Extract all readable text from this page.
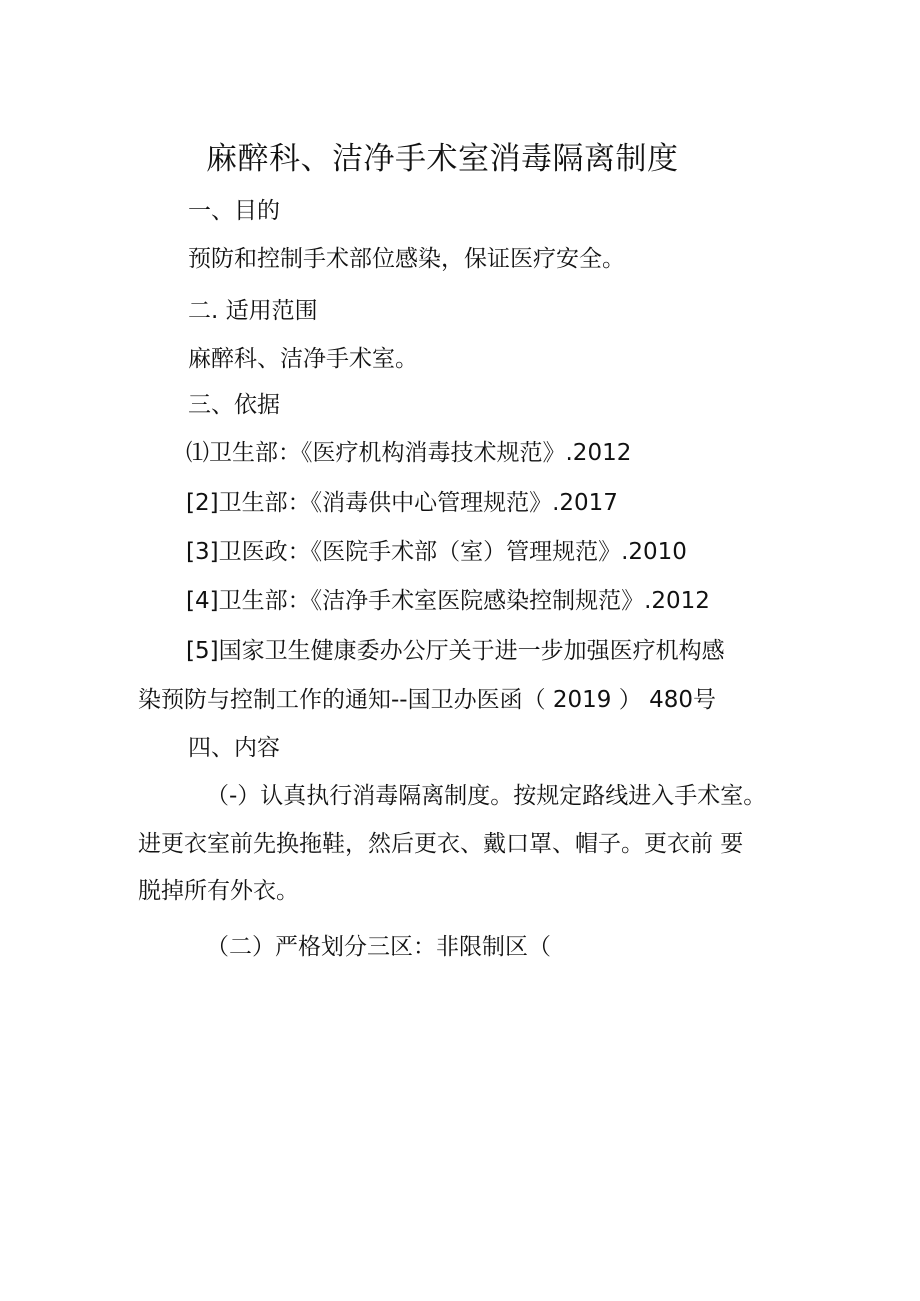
麻醉科、洁净手术室消毒隔离制度
一、目的
预防和控制手术部位感染，保证医疗安全。
二. 适用范围
麻醉科、洁净手术室。
三、依据
⑴卫生部：《医疗机构消毒技术规范》.2012
[2]卫生部：《消毒供中心管理规范》.2017
[3]卫医政：《医院手术部（室）管理规范》.2010
[4]卫生部：《洁净手术室医院感染控制规范》.2012
[5]国家卫生健康委办公厅关于进一步加强医疗机构感
染预防与控制工作的通知--国卫办医函（ 2019 ） 480号
四、内容
（-）认真执行消毒隔离制度。按规定路线进入手术室。
进更衣室前先换拖鞋，然后更衣、戴口罩、帽子。更衣前 要
脱掉所有外衣。
（二）严格划分三区：非限制区（
